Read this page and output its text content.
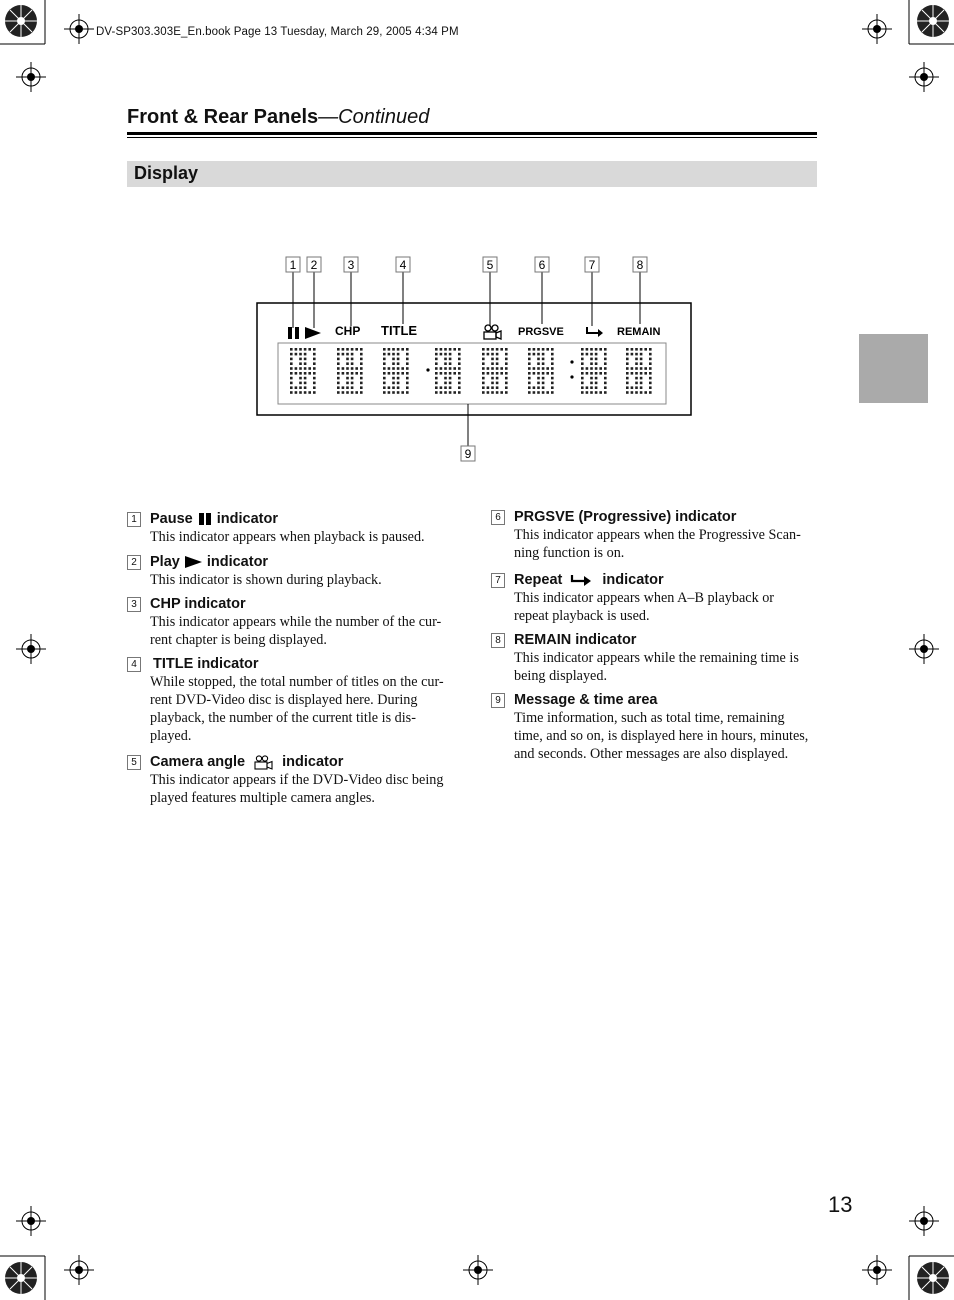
DV-SP303.303E_En.book Page 13 Tuesday, March 29, 2005 4:34 PM
Front & Rear Panels—Continued
Display
CHP TITLE	PRGSVE	REMAIN
1 2	3	4	5	6	7	8
9
1 Pause indicator
This indicator appears when playback is paused.
2 Play indicator
This indicator is shown during playback.
3 CHP indicator
This indicator appears while the number of the cur-
rent chapter is being displayed.
4 TITLE indicator
While stopped, the total number of titles on the cur-
rent DVD-Video disc is displayed here. During
playback, the number of the current title is dis-
played.
5 Camera angle	indicator
This indicator appears if the DVD-Video disc being
played features multiple camera angles.
6 PRGSVE (Progressive) indicator
This indicator appears when the Progressive Scan-
ning function is on.
7 Repeat	indicator
This indicator appears when A–B playback or
repeat playback is used.
8 REMAIN indicator
This indicator appears while the remaining time is
being displayed.
9 Message & time area
Time information, such as total time, remaining
time, and so on, is displayed here in hours, minutes,
and seconds. Other messages are also displayed.
13
